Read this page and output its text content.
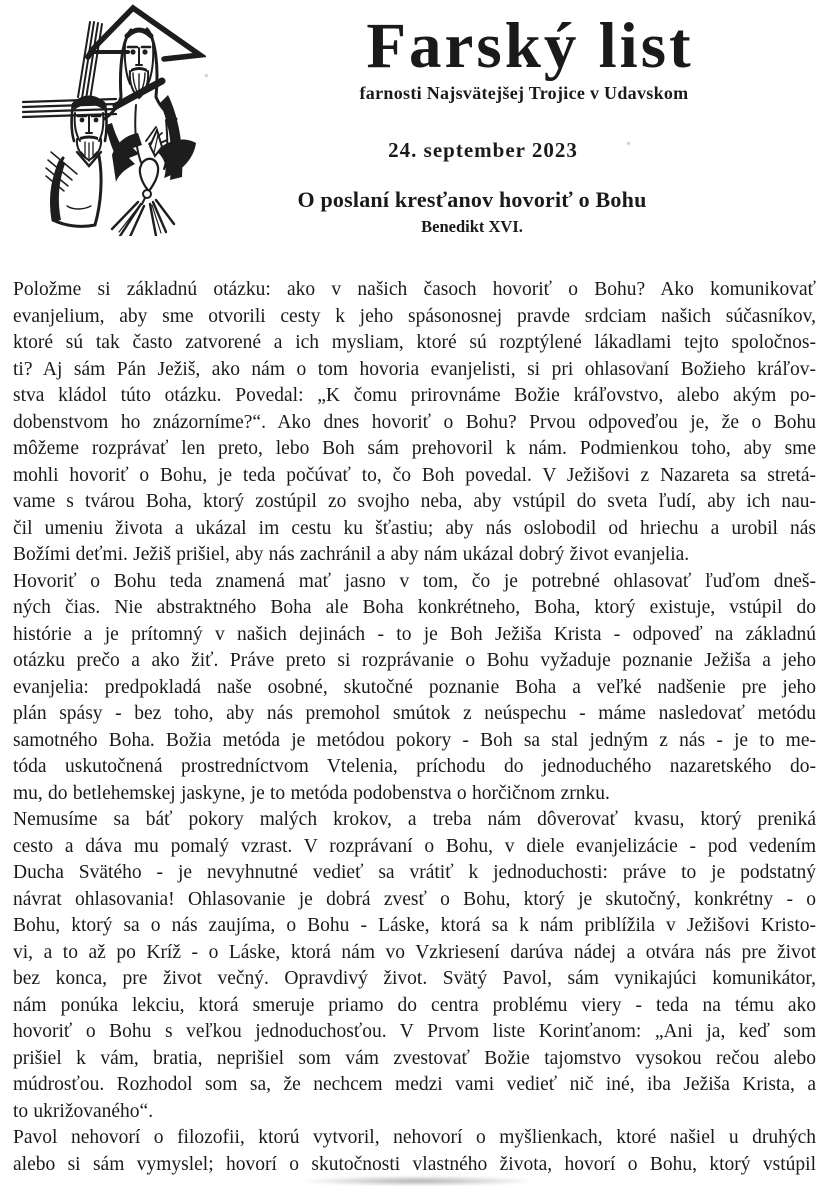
Farský list
farnosti Najsvätejšej Trojice v Udavskom
24. september 2023
O poslaní kresťanov hovoriť o Bohu
Benedikt XVI.
Položme si základnú otázku: ako v našich časoch hovoriť o Bohu? Ako komunikovať
evanjelium, aby sme otvorili cesty k jeho spásonosnej pravde srdciam našich súčasníkov,
ktoré sú tak často zatvorené a ich mysliam, ktoré sú rozptýlené lákadlami tejto spoločnos-
ti? Aj sám Pán Ježiš, ako nám o tom hovoria evanjelisti, si pri ohlasovaní Božieho kráľov-
stva kládol túto otázku. Povedal: „K čomu prirovnáme Božie kráľovstvo, alebo akým po-
dobenstvom ho znázorníme?“. Ako dnes hovoriť o Bohu? Prvou odpoveďou je, že o Bohu
môžeme rozprávať len preto, lebo Boh sám prehovoril k nám. Podmienkou toho, aby sme
mohli hovoriť o Bohu, je teda počúvať to, čo Boh povedal. V Ježišovi z Nazareta sa stretá-
vame s tvárou Boha, ktorý zostúpil zo svojho neba, aby vstúpil do sveta ľudí, aby ich nau-
čil umeniu života a ukázal im cestu ku šťastiu; aby nás oslobodil od hriechu a urobil nás
Božími deťmi. Ježiš prišiel, aby nás zachránil a aby nám ukázal dobrý život evanjelia.
Hovoriť o Bohu teda znamená mať jasno v tom, čo je potrebné ohlasovať ľuďom dneš-
ných čias. Nie abstraktného Boha ale Boha konkrétneho, Boha, ktorý existuje, vstúpil do
histórie a je prítomný v našich dejinách - to je Boh Ježiša Krista - odpoveď na základnú
otázku prečo a ako žiť. Práve preto si rozprávanie o Bohu vyžaduje poznanie Ježiša a jeho
evanjelia: predpokladá naše osobné, skutočné poznanie Boha a veľké nadšenie pre jeho
plán spásy - bez toho, aby nás premohol smútok z neúspechu - máme nasledovať metódu
samotného Boha. Božia metóda je metódou pokory - Boh sa stal jedným z nás - je to me-
tóda uskutočnená prostredníctvom Vtelenia, príchodu do jednoduchého nazaretského do-
mu, do betlehemskej jaskyne, je to metóda podobenstva o horčičnom zrnku.
Nemusíme sa báť pokory malých krokov, a treba nám dôverovať kvasu, ktorý preniká
cesto a dáva mu pomalý vzrast. V rozprávaní o Bohu, v diele evanjelizácie - pod vedením
Ducha Svätého - je nevyhnutné vedieť sa vrátiť k jednoduchosti: práve to je podstatný
návrat ohlasovania! Ohlasovanie je dobrá zvesť o Bohu, ktorý je skutočný, konkrétny - o
Bohu, ktorý sa o nás zaujíma, o Bohu - Láske, ktorá sa k nám priblížila v Ježišovi Kristo-
vi, a to až po Kríž - o Láske, ktorá nám vo Vzkriesení darúva nádej a otvára nás pre život
bez konca, pre život večný. Opravdivý život. Svätý Pavol, sám vynikajúci komunikátor,
nám ponúka lekciu, ktorá smeruje priamo do centra problému viery - teda na tému ako
hovoriť o Bohu s veľkou jednoduchosťou. V Prvom liste Korinťanom: „Ani ja, keď som
prišiel k vám, bratia, neprišiel som vám zvestovať Božie tajomstvo vysokou rečou alebo
múdrosťou. Rozhodol som sa, že nechcem medzi vami vedieť nič iné, iba Ježiša Krista, a
to ukrižovaného“.
Pavol nehovorí o filozofii, ktorú vytvoril, nehovorí o myšlienkach, ktoré našiel u druhých
alebo si sám vymyslel; hovorí o skutočnosti vlastného života, hovorí o Bohu, ktorý vstúpil
